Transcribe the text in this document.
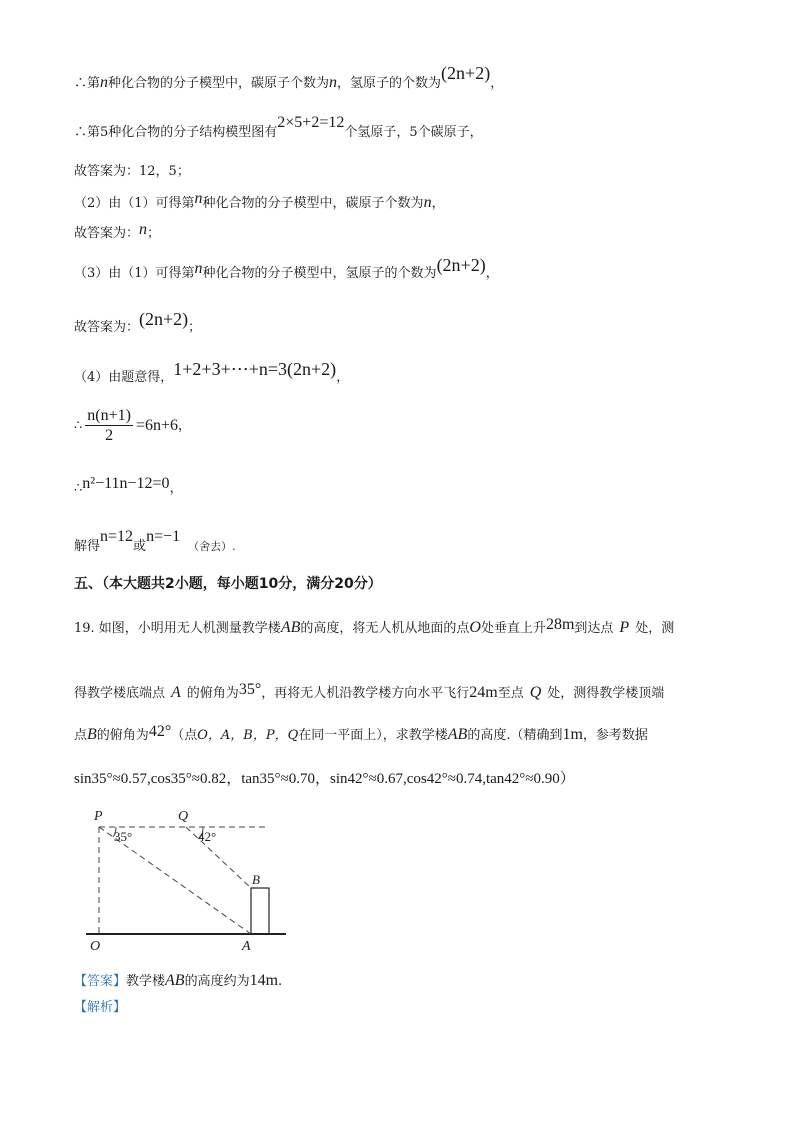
∴第n种化合物的分子模型中，碳原子个数为n，氢原子的个数为(2n+2)，
∴第5种化合物的分子结构模型图有2×5+2=12个氢原子，5个碳原子，
故答案为：12，5；
（2）由（1）可得第n种化合物的分子模型中，碳原子个数为n，
故答案为：n；
（3）由（1）可得第n种化合物的分子模型中，氢原子的个数为(2n+2)，
故答案为：(2n+2)；
（4）由题意得，1+2+3+⋯+n=3(2n+2)，
∴ $\frac{n(n+1)}{2} =6n+6$，
∴n²−11n−12=0，
解得n=12或n=−1（舍去）.
五、（本大题共2小题，每小题10分，满分20分）
19. 如图，小明用无人机测量教学楼AB的高度，将无人机从地面的点O处垂直上升28m到达点 P 处，测
得教学楼底端点 A 的俯角为35°，再将无人机沿教学楼方向水平飞行24m至点 Q 处，测得教学楼顶端
点B的俯角为42°（点O，A，B，P，Q在同一平面上），求教学楼AB的高度.（精确到1m，参考数据
sin35°≈0.57,cos35°≈0.82，tan35°≈0.70，sin42°≈0.67,cos42°≈0.74,tan42°≈0.90）
P	Q
B
O	A
35°	42°
【答案】教学楼AB的高度约为14m.
【解析】
